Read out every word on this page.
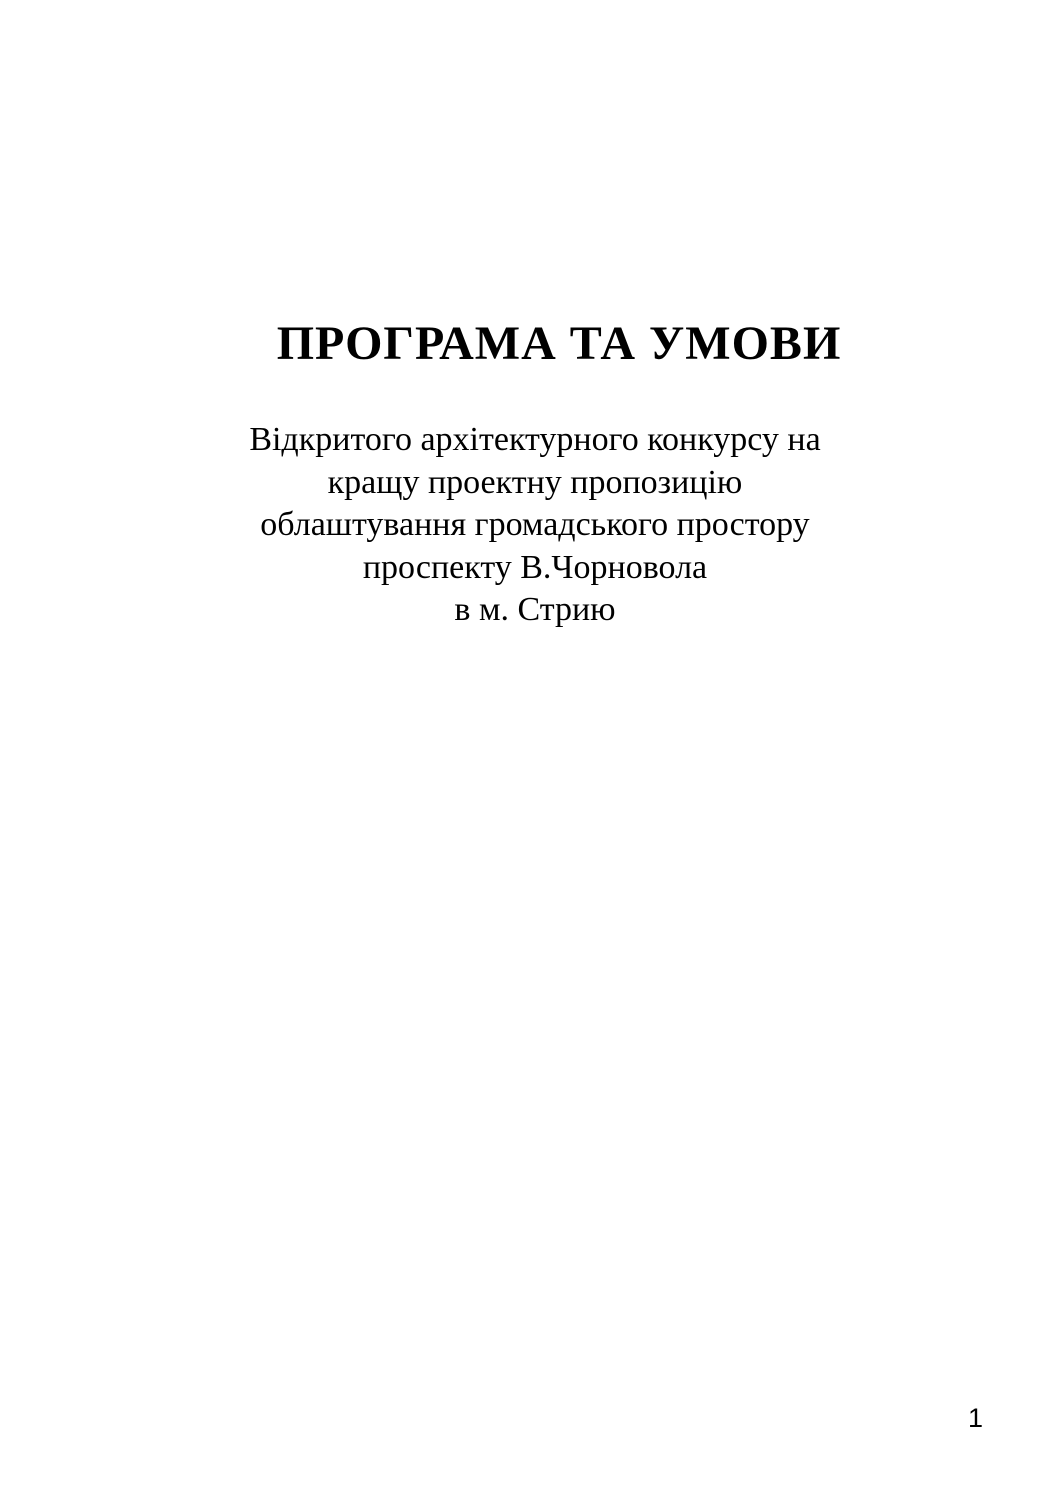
ПРОГРАМА ТА УМОВИ
Відкритого архітектурного конкурсу на
кращу проектну пропозицію
облаштування громадського простору
проспекту В.Чорновола
в м. Стрию
1
